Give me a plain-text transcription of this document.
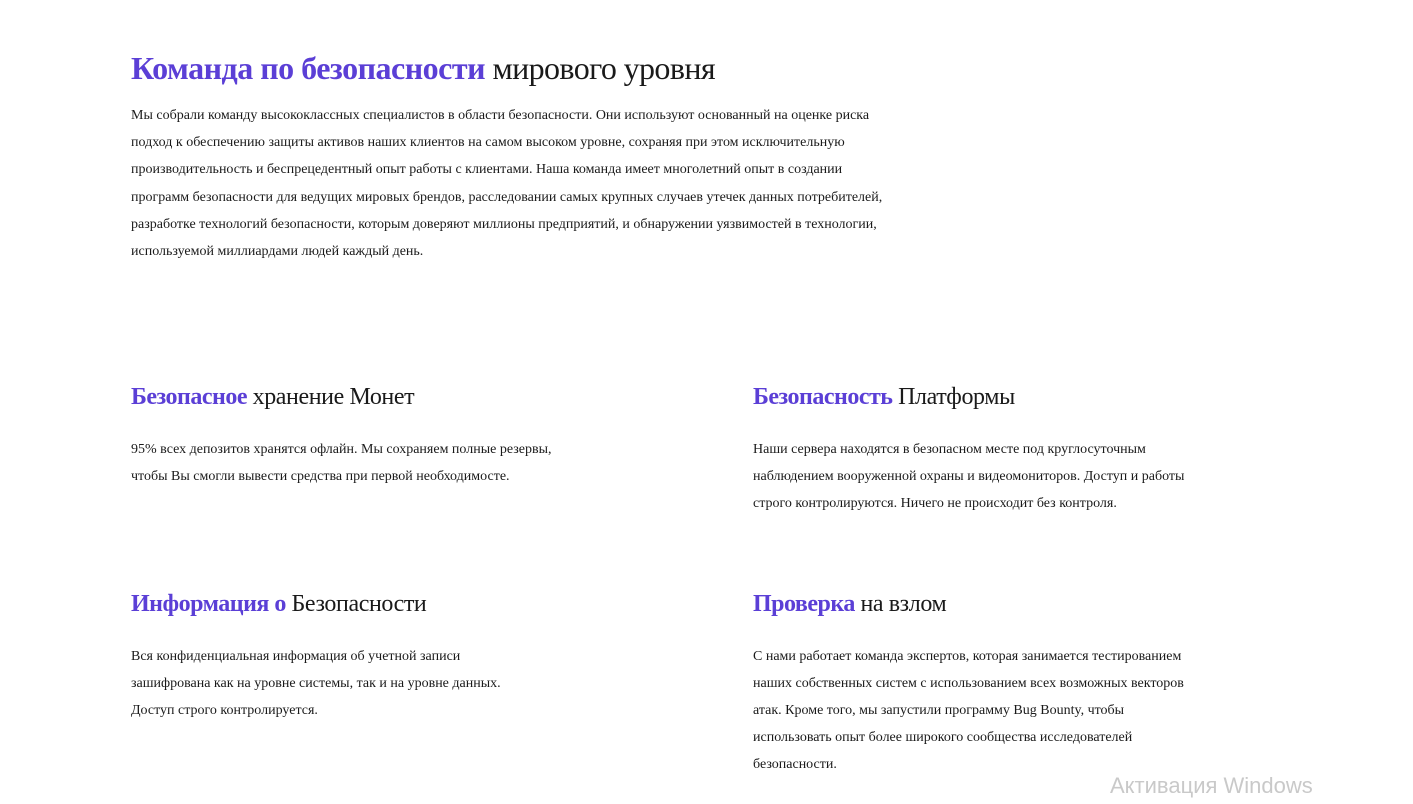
Команда по безопасности мирового уровня

Мы собрали команду высококлассных специалистов в области безопасности. Они используют основанный на оценке риска подход к обеспечению защиты активов наших клиентов на самом высоком уровне, сохраняя при этом исключительную производительность и беспрецедентный опыт работы с клиентами. Наша команда имеет многолетний опыт в создании программ безопасности для ведущих мировых брендов, расследовании самых крупных случаев утечек данных потребителей, разработке технологий безопасности, которым доверяют миллионы предприятий, и обнаружении уязвимостей в технологии, используемой миллиардами людей каждый день.

Безопасное хранение Монет

95% всех депозитов хранятся офлайн. Мы сохраняем полные резервы, чтобы Вы смогли вывести средства при первой необходимосте.

Безопасность Платформы

Наши сервера находятся в безопасном месте под круглосуточным наблюдением вооруженной охраны и видеомониторов. Доступ и работы строго контролируются. Ничего не происходит без контроля.

Информация о Безопасности

Вся конфиденциальная информация об учетной записи зашифрована как на уровне системы, так и на уровне данных. Доступ строго контролируется.

Проверка на взлом

С нами работает команда экспертов, которая занимается тестированием наших собственных систем с использованием всех возможных векторов атак. Кроме того, мы запустили программу Bug Bounty, чтобы использовать опыт более широкого сообщества исследователей безопасности.

Активация Windows
